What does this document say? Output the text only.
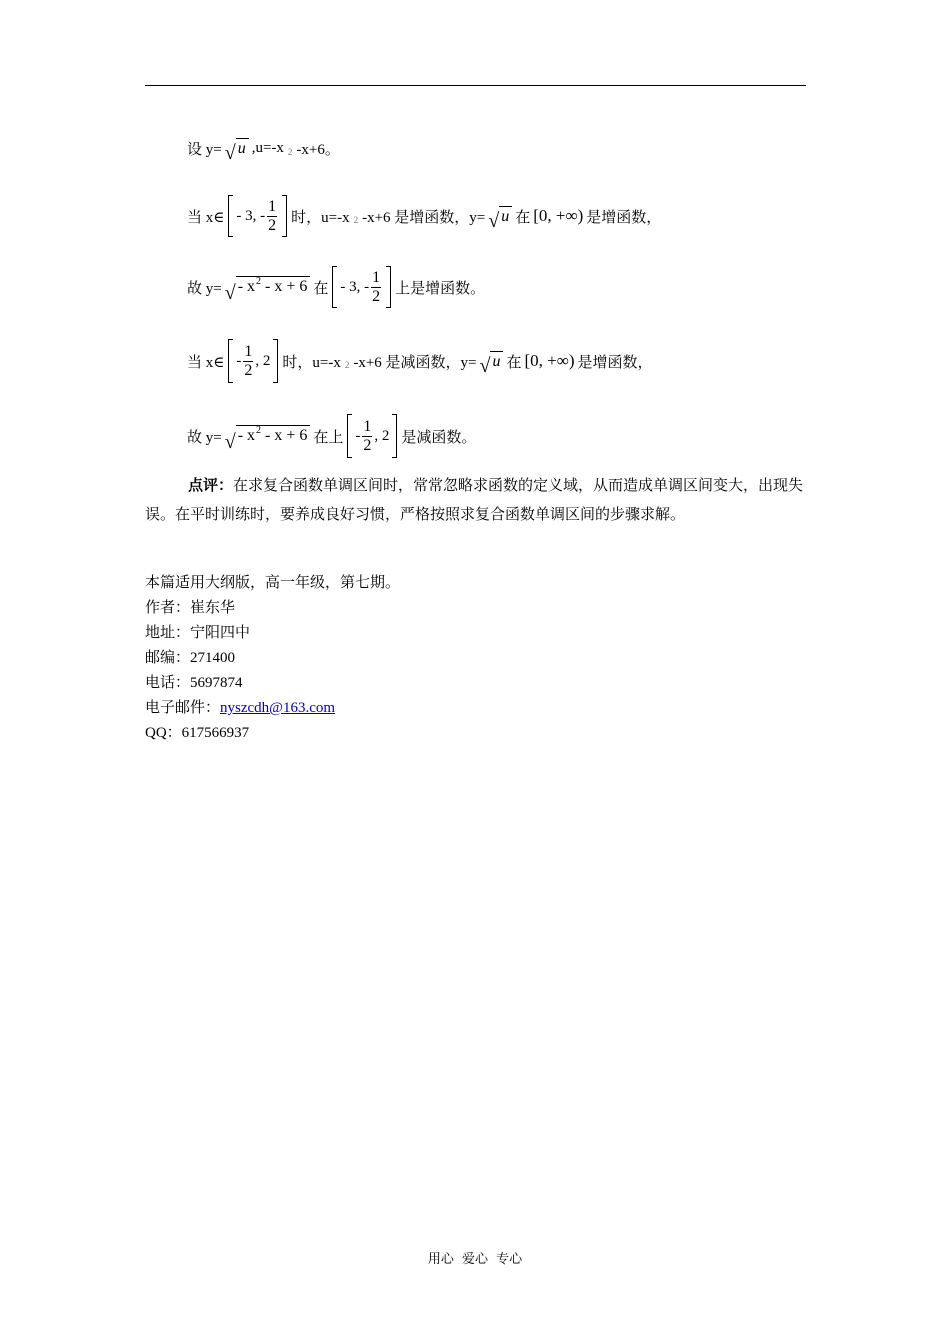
设 y= √ u ,u=-x 2 -x+6。
当 x∈ - 3, - $\frac{1}{2}$ 时，u=-x 2 -x+6 是增函数，y= √ u 在 [0, +∞) 是增函数，
故 y= √ - $x^2 - x + 6$ 在 - 3, - $\frac{1}{2}$ 上是增函数。
当 x∈ - $\frac{1}{2}$ , 2 时，u=-x 2 -x+6 是减函数，y= √ u 在 [0, +∞) 是增函数，
故 y= √ - $x^2 - x + 6$ 在上 - $\frac{1}{2}$ , 2 是减函数。
点评：在求复合函数单调区间时，常常忽略求函数的定义域，从而造成单调区间变大，出现失误。在平时训练时，要养成良好习惯，严格按照求复合函数单调区间的步骤求解。
本篇适用大纲版，高一年级，第七期。
作者：崔东华
地址：宁阳四中
邮编：271400
电话：5697874
电子邮件：nyszcdh@163.com
QQ：617566937
用心 爱心 专心
